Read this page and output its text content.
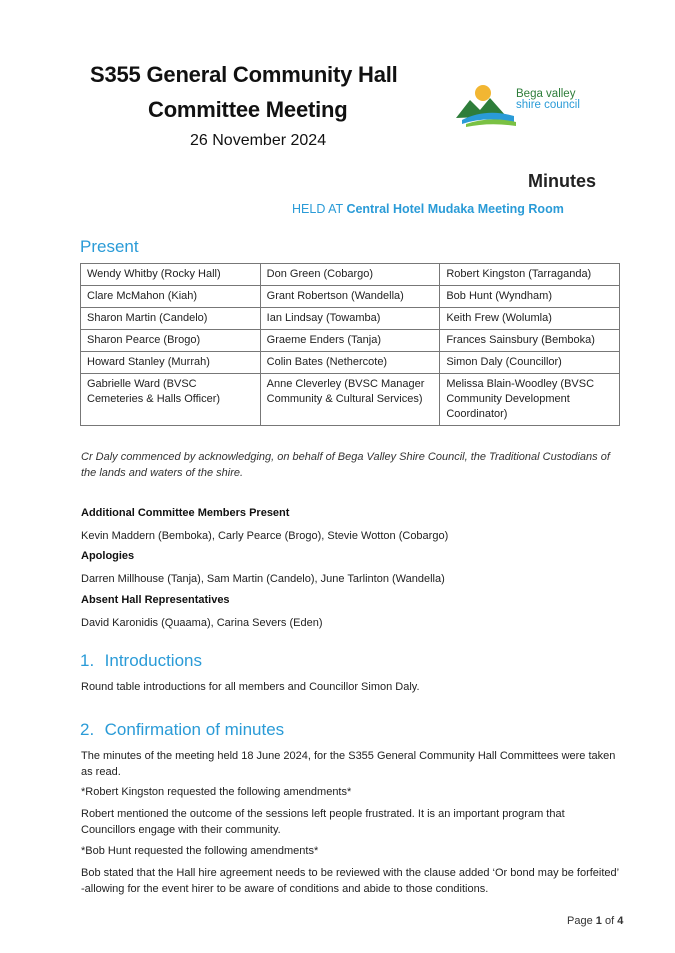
S355 General Community Hall
Committee Meeting
26 November 2024
Bega valley
shire council
Minutes
HELD AT Central Hotel Mudaka Meeting Room
Present
Wendy Whitby (Rocky Hall)	Don Green (Cobargo)	Robert Kingston (Tarraganda)
Clare McMahon (Kiah)	Grant Robertson (Wandella)	Bob Hunt (Wyndham)
Sharon Martin (Candelo)	Ian Lindsay (Towamba)	Keith Frew (Wolumla)
Sharon Pearce (Brogo)	Graeme Enders (Tanja)	Frances Sainsbury (Bemboka)
Howard Stanley (Murrah)	Colin Bates (Nethercote)	Simon Daly (Councillor)
Gabrielle Ward (BVSC Cemeteries & Halls Officer)	Anne Cleverley (BVSC Manager Community & Cultural Services)	Melissa Blain-Woodley (BVSC Community Development Coordinator)
Cr Daly commenced by acknowledging, on behalf of Bega Valley Shire Council, the Traditional Custodians of the lands and waters of the shire.
Additional Committee Members Present
Kevin Maddern (Bemboka), Carly Pearce (Brogo), Stevie Wotton (Cobargo)
Apologies
Darren Millhouse (Tanja), Sam Martin (Candelo), June Tarlinton (Wandella)
Absent Hall Representatives
David Karonidis (Quaama), Carina Severs (Eden)
1. Introductions
Round table introductions for all members and Councillor Simon Daly.
2. Confirmation of minutes
The minutes of the meeting held 18 June 2024, for the S355 General Community Hall Committees were taken as read.
*Robert Kingston requested the following amendments*
Robert mentioned the outcome of the sessions left people frustrated. It is an important program that Councillors engage with their community.
*Bob Hunt requested the following amendments*
Bob stated that the Hall hire agreement needs to be reviewed with the clause added ‘Or bond may be forfeited’ -allowing for the event hirer to be aware of conditions and abide to those conditions.
Page 1 of 4
